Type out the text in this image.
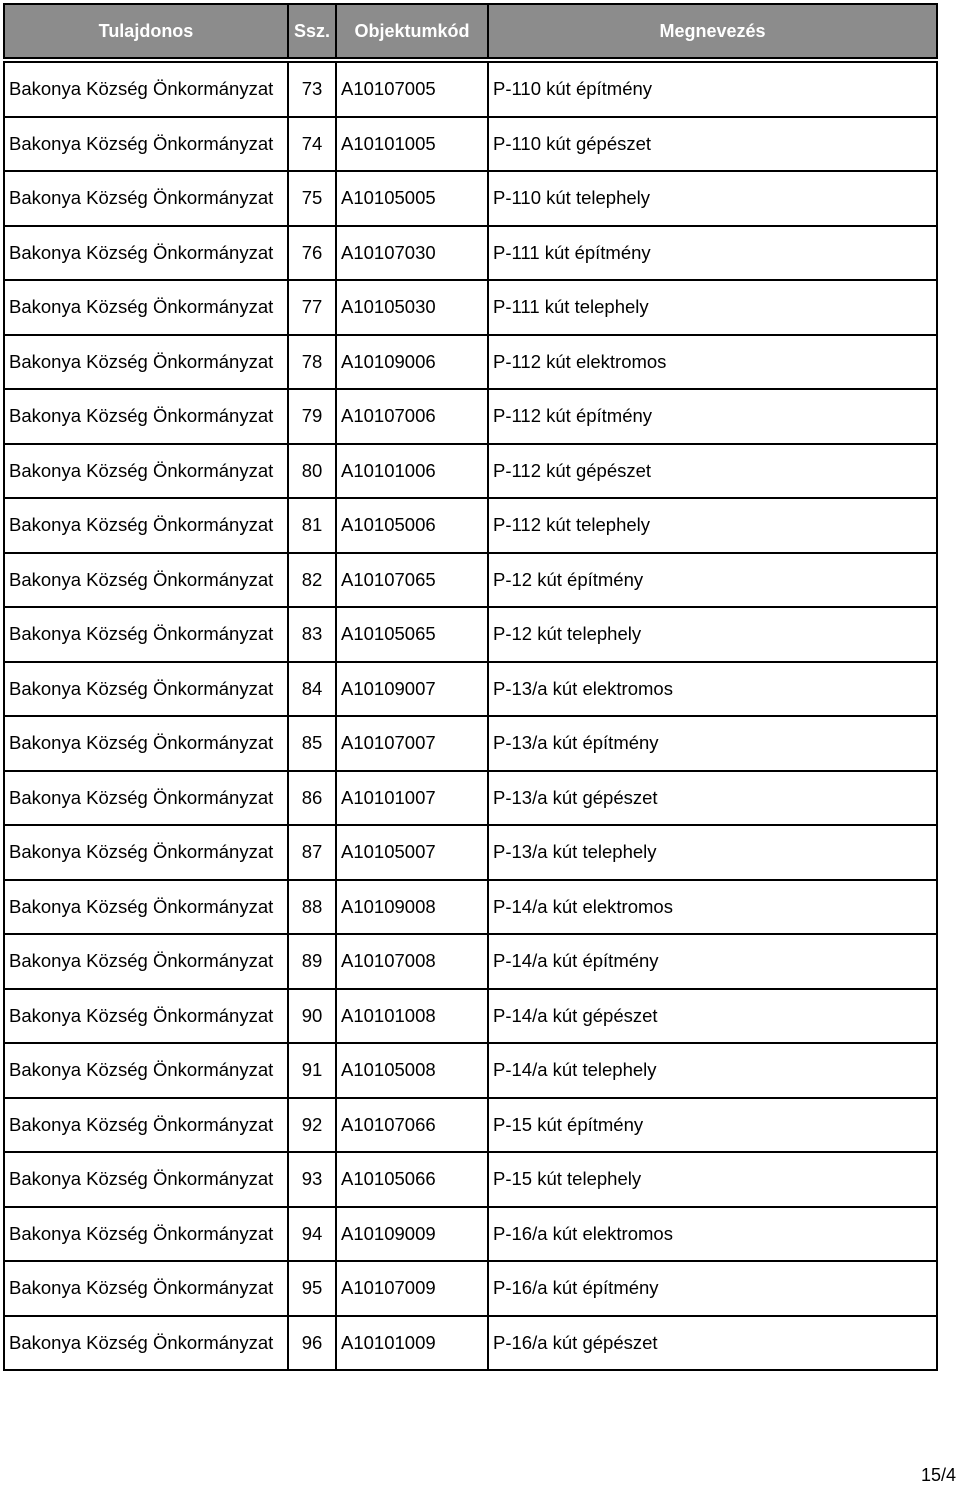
Tulajdonos	Ssz.	Objektumkód	Megnevezés

Bakonya Község Önkormányzat	73	A10107005	P-110 kút építmény
Bakonya Község Önkormányzat	74	A10101005	P-110 kút gépészet
Bakonya Község Önkormányzat	75	A10105005	P-110 kút telephely
Bakonya Község Önkormányzat	76	A10107030	P-111 kút építmény
Bakonya Község Önkormányzat	77	A10105030	P-111 kút telephely
Bakonya Község Önkormányzat	78	A10109006	P-112 kút elektromos
Bakonya Község Önkormányzat	79	A10107006	P-112 kút építmény
Bakonya Község Önkormányzat	80	A10101006	P-112 kút gépészet
Bakonya Község Önkormányzat	81	A10105006	P-112 kút telephely
Bakonya Község Önkormányzat	82	A10107065	P-12 kút építmény
Bakonya Község Önkormányzat	83	A10105065	P-12 kút telephely
Bakonya Község Önkormányzat	84	A10109007	P-13/a kút elektromos
Bakonya Község Önkormányzat	85	A10107007	P-13/a kút építmény
Bakonya Község Önkormányzat	86	A10101007	P-13/a kút gépészet
Bakonya Község Önkormányzat	87	A10105007	P-13/a kút telephely
Bakonya Község Önkormányzat	88	A10109008	P-14/a kút elektromos
Bakonya Község Önkormányzat	89	A10107008	P-14/a kút építmény
Bakonya Község Önkormányzat	90	A10101008	P-14/a kút gépészet
Bakonya Község Önkormányzat	91	A10105008	P-14/a kút telephely
Bakonya Község Önkormányzat	92	A10107066	P-15 kút építmény
Bakonya Község Önkormányzat	93	A10105066	P-15 kút telephely
Bakonya Község Önkormányzat	94	A10109009	P-16/a kút elektromos
Bakonya Község Önkormányzat	95	A10107009	P-16/a kút építmény
Bakonya Község Önkormányzat	96	A10101009	P-16/a kút gépészet
15/4
